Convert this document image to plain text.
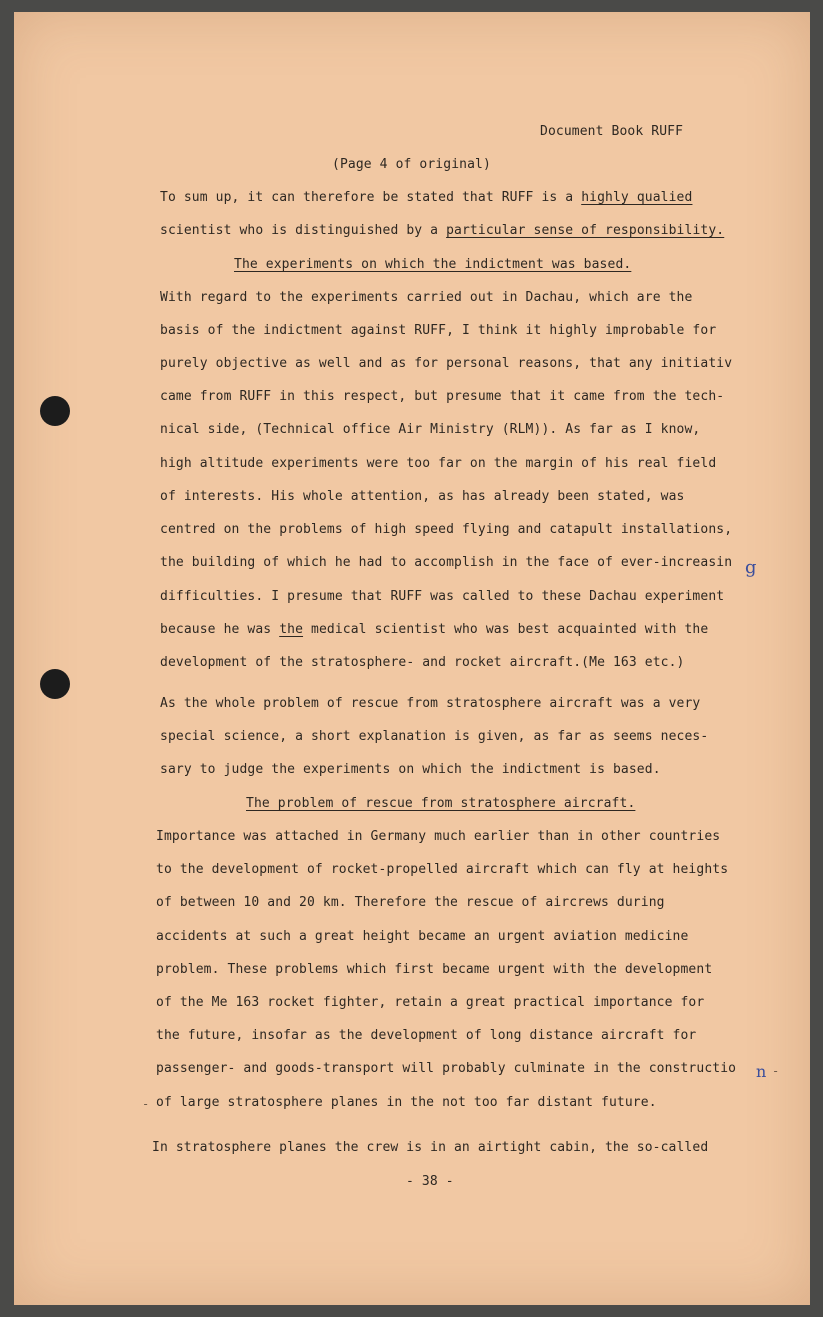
Document Book RUFF
(Page 4 of original)
To sum up, it can therefore be stated that RUFF is a highly qualied
scientist who is distinguished by a particular sense of responsibility.
The experiments on which the indictment was based.
With regard to the experiments carried out in Dachau, which are the
basis of the indictment against RUFF, I think it highly improbable for
purely objective as well and as for personal reasons, that any initiativ
came from RUFF in this respect, but presume that it came from the tech-
nical side, (Technical office Air Ministry (RLM)). As far as I know,
high altitude experiments were too far on the margin of his real field
of interests. His whole attention, as has already been stated, was
centred on the problems of high speed flying and catapult installations,
the building of which he had to accomplish in the face of ever-increasin g
difficulties. I presume that RUFF was called to these Dachau experiment
because he was the medical scientist who was best acquainted with the
development of the stratosphere- and rocket aircraft.(Me 163 etc.)
As the whole problem of rescue from stratosphere aircraft was a very
special science, a short explanation is given, as far as seems neces-
sary to judge the experiments on which the indictment is based.
The problem of rescue from stratosphere aircraft.
Importance was attached in Germany much earlier than in other countries
to the development of rocket-propelled aircraft which can fly at heights
of between 10 and 20 km. Therefore the rescue of aircrews during
accidents at such a great height became an urgent aviation medicine
problem. These problems which first became urgent with the development
of the Me 163 rocket fighter, retain a great practical importance for
the future, insofar as the development of long distance aircraft for
passenger- and goods-transport will probably culminate in the constructio n -
- of large stratosphere planes in the not too far distant future.
In stratosphere planes the crew is in an airtight cabin, the so-called
- 38 -
